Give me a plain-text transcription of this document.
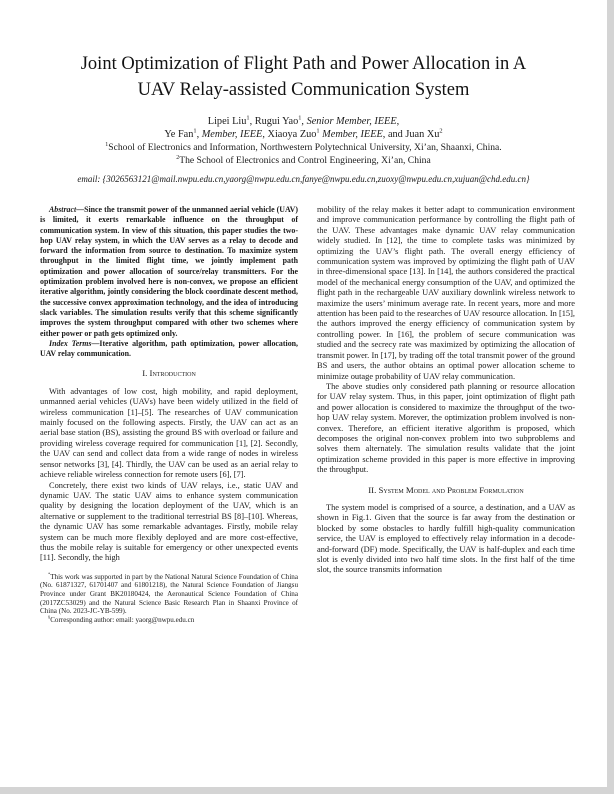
Joint Optimization of Flight Path and Power Allocation in A
UAV Relay-assisted Communication System
Lipei Liu$^1$, Rugui Yao$^1$, Senior Member, IEEE,
Ye Fan$^1$, Member, IEEE, Xiaoya Zuo$^1$ Member, IEEE, and Juan Xu$^2$
$^1$School of Electronics and Information, Northwestern Polytechnical University, Xi’an, Shaanxi, China.
$^2$The School of Electronics and Control Engineering, Xi’an, China
email: {3026563121@mail.nwpu.edu.cn,yaorg@nwpu.edu.cn,fanye@nwpu.edu.cn,zuoxy@nwpu.edu.cn,xujuan@chd.edu.cn}

Abstract—Since the transmit power of the unmanned aerial vehicle (UAV) is limited, it exerts remarkable influence on the throughput of communication system. In view of this situation, this paper studies the two-hop UAV relay system, in which the UAV serves as a relay to decode and forward the information from source to destination. To maximize system throughput in the limited flight time, we jointly implement path optimization and power allocation of source/relay transmitters. For the optimization problem involved here is non-convex, we propose an efficient iterative algorithm, jointly considering the block coordinate descent method, the successive convex approximation technology, and the idea of introducing slack variables. The simulation results verify that this scheme significantly improves the system throughput compared with other two schemes where either power or path gets optimized only.

Index Terms—Iterative algorithm, path optimization, power allocation, UAV relay communication.

I. Introduction

With advantages of low cost, high mobility, and rapid deployment, unmanned aerial vehicles (UAVs) have been widely utilized in the field of wireless communication [1]–[5]. The researches of UAV communication mainly focused on the following aspects. Firstly, the UAV can act as an aerial base station (BS), assisting the ground BS with overload or failure and providing wireless coverage required for communication [1], [2]. Secondly, the UAV can send and collect data from a wide range of nodes in wireless sensor networks [3], [4]. Thirdly, the UAV can be used as an aerial relay to achieve reliable wireless connection for remote users [6], [7].

Concretely, there exist two kinds of UAV relays, i.e., static UAV and dynamic UAV. The static UAV aims to enhance system communication quality by designing the location deployment of the UAV, which is an alternative or supplement to the traditional terrestrial BS [8]–[10]. Whereas, the dynamic UAV has some remarkable advantages. Firstly, mobile relay system can be much more flexibly deployed and are more cost-effective, thus the mobile relay is suitable for emergency or other unexpected events [11]. Secondly, the high

*This work was supported in part by the National Natural Science Foundation of China (No. 61871327, 61701407 and 61801218), the Natural Science Foundation of Jiangsu Province under Grant BK20180424, the Aeronautical Science Foundation of China (2017ZC53029) and the Natural Science Basic Research Plan in Shaanxi Province of China (No. 2023-JC-YB-599).

§Corresponding author: email: yaorg@nwpu.edu.cn

mobility of the relay makes it better adapt to communication environment and improve communication performance by controlling the flight path of the UAV. These advantages make dynamic UAV relay communication widely studied. In [12], the time to complete tasks was minimized by optimizing the UAV’s flight path. The overall energy efficiency of communication system was improved by optimizing the flight path of UAV in three-dimensional space [13]. In [14], the authors considered the practical model of the mechanical energy consumption of the UAV, and optimized the flight path in the rechargeable UAV auxiliary downlink wireless network to maximize the users’ minimum average rate. In recent years, more and more attention has been paid to the researches of UAV resource allocation. In [15], the authors improved the energy efficiency of communication system by controlling power. In [16], the problem of secure communication was studied and the secrecy rate was maximized by optimizing the allocation of transmit power. In [17], by trading off the total transmit power of the ground BS and users, the author obtains an optimal power allocation scheme to minimize outage probability of UAV relay communication.

The above studies only considered path planning or resource allocation for UAV relay system. Thus, in this paper, joint optimization of flight path and power allocation is considered to maximize the throughput of the two-hop UAV relay system. Morever, the optimization problem involved is non-convex. Therefore, an efficient iterative algorithm is proposed, which decomposes the original non-convex problem into two subproblems and solves them alternately. The simulation results validate that the joint optimization scheme provided in this paper is more effective in improving the throughput.

II. System Model and Problem Formulation

The system model is comprised of a source, a destination, and a UAV as shown in Fig.1. Given that the source is far away from the destination or blocked by some obstacles to hardly fulfill high-quality communication service, the UAV is employed to effectively relay information in a decode-and-forward (DF) mode. Specifically, the UAV is half-duplex and each time slot is evenly divided into two half time slots. In the first half of the time slot, the source transmits information
